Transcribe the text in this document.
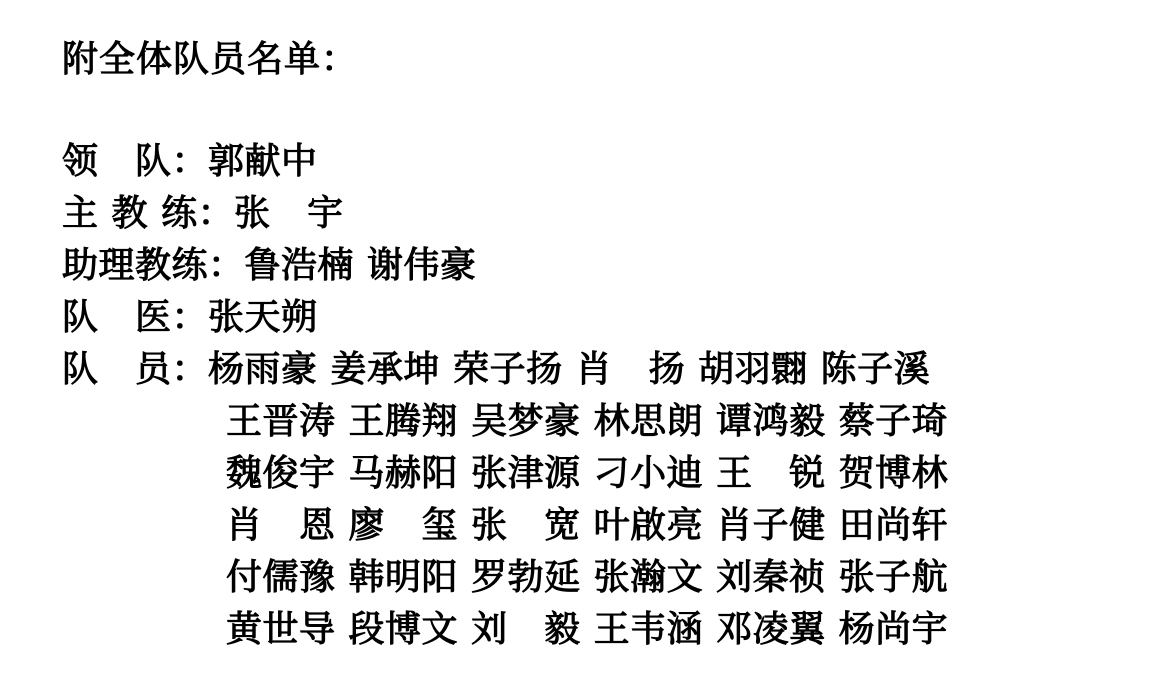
附全体队员名单：
领　队： 郭献中
主 教 练： 张　宇
助理教练： 鲁浩楠 谢伟豪
队　医： 张天朔
队　员： 杨雨豪 姜承坤 荣子扬 肖　扬 胡羽翾 陈子溪
王晋涛 王腾翔 吴梦豪 林思朗 谭鸿毅 蔡子琦
魏俊宇 马赫阳 张津源 刁小迪 王　锐 贺博林
肖　恩 廖　玺 张　宽 叶啟亮 肖子健 田尚轩
付儒豫 韩明阳 罗勃延 张瀚文 刘秦祯 张子航
黄世导 段博文 刘　毅 王韦涵 邓凌翼 杨尚宇
